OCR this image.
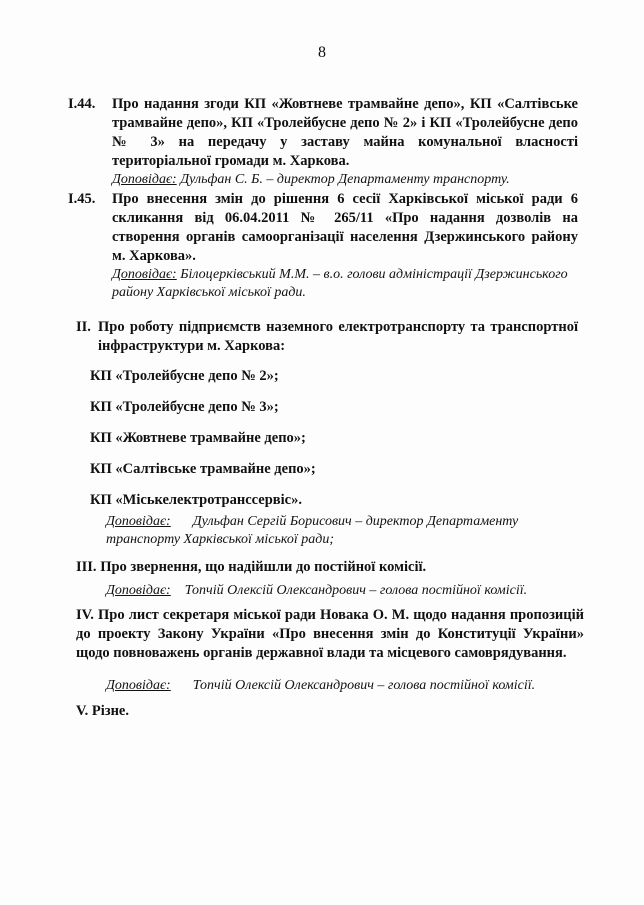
8
I.44. Про надання згоди КП «Жовтневе трамвайне депо», КП «Салтівське трамвайне депо», КП «Тролейбусне депо № 2» і КП «Тролейбусне депо № 3» на передачу у заставу майна комунальної власності територіальної громади м. Харкова.
Доповідає: Дульфан С. Б. – директор Департаменту транспорту.
I.45. Про внесення змін до рішення 6 сесії Харківської міської ради 6 скликання від 06.04.2011 № 265/11 «Про надання дозволів на створення органів самоорганізації населення Дзержинського району м. Харкова».
Доповідає: Білоцерківський М.М. – в.о. голови адміністрації Дзержинського району Харківської міської ради.
II. Про роботу підприємств наземного електротранспорту та транспортної інфраструктури м. Харкова:
КП «Тролейбусне депо № 2»;
КП «Тролейбусне депо № 3»;
КП «Жовтневе трамвайне депо»;
КП «Салтівське трамвайне депо»;
КП «Міськелектротранссервіс».
Доповідає: Дульфан Сергій Борисович – директор Департаменту транспорту Харківської міської ради;
III. Про звернення, що надійшли до постійної комісії.
Доповідає: Топчій Олексій Олександрович – голова постійної комісії.
IV. Про лист секретаря міської ради Новака О. М. щодо надання пропозицій до проекту Закону України «Про внесення змін до Конституції України» щодо повноважень органів державної влади та місцевого самоврядування.
Доповідає: Топчій Олексій Олександрович – голова постійної комісії.
V. Різне.
